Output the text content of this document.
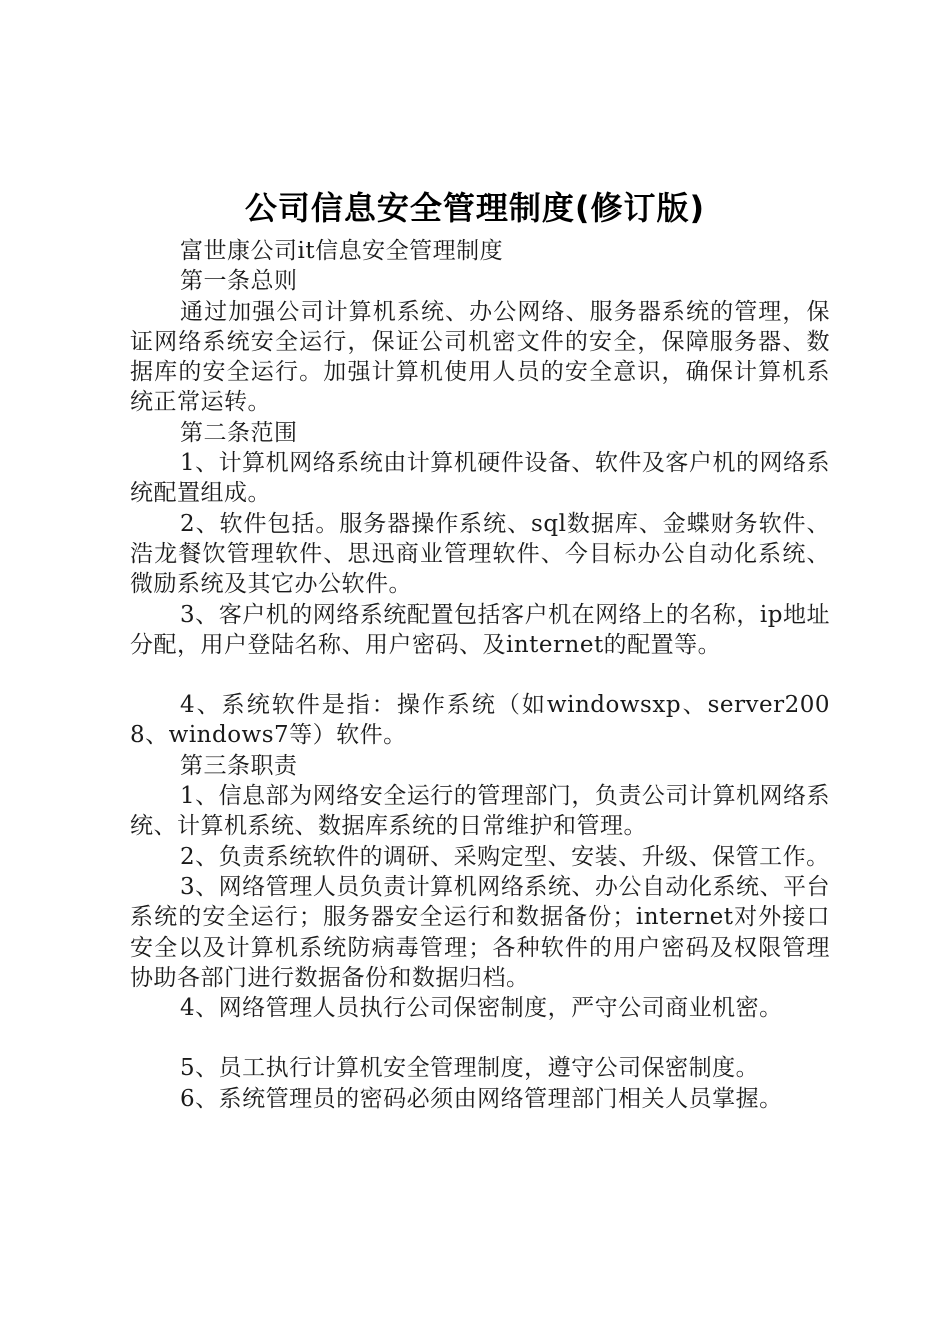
公司信息安全管理制度(修订版)

富世康公司it信息安全管理制度

第一条总则

通过加强公司计算机系统、办公网络、服务器系统的管理，保证网络系统安全运行，保证公司机密文件的安全，保障服务器、数据库的安全运行。加强计算机使用人员的安全意识，确保计算机系统正常运转。

第二条范围

1、计算机网络系统由计算机硬件设备、软件及客户机的网络系统配置组成。

2、软件包括。服务器操作系统、sql数据库、金蝶财务软件、浩龙餐饮管理软件、思迅商业管理软件、今目标办公自动化系统、微励系统及其它办公软件。

3、客户机的网络系统配置包括客户机在网络上的名称，ip地址分配，用户登陆名称、用户密码、及internet的配置等。

4、系统软件是指：操作系统（如windowsxp、server2008、windows7等）软件。

第三条职责

1、信息部为网络安全运行的管理部门，负责公司计算机网络系统、计算机系统、数据库系统的日常维护和管理。

2、负责系统软件的调研、采购定型、安装、升级、保管工作。

3、网络管理人员负责计算机网络系统、办公自动化系统、平台系统的安全运行；服务器安全运行和数据备份；internet对外接口安全以及计算机系统防病毒管理；各种软件的用户密码及权限管理协助各部门进行数据备份和数据归档。

4、网络管理人员执行公司保密制度，严守公司商业机密。

5、员工执行计算机安全管理制度，遵守公司保密制度。

6、系统管理员的密码必须由网络管理部门相关人员掌握。
